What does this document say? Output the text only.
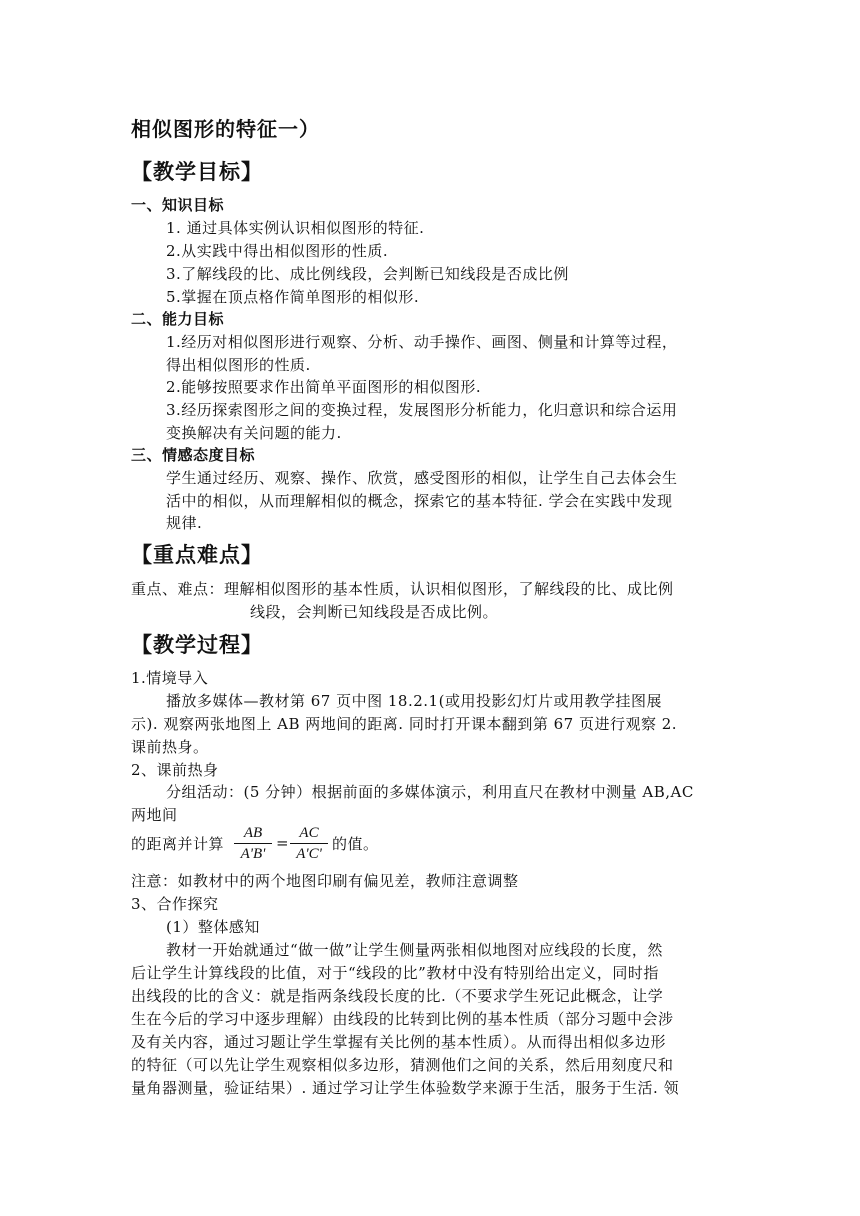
相似图形的特征一）
【教学目标】
一、知识目标
1. 通过具体实例认识相似图形的特征.
2.从实践中得出相似图形的性质.
3.了解线段的比、成比例线段，会判断已知线段是否成比例
5.掌握在顶点格作简单图形的相似形.
二、能力目标
1.经历对相似图形进行观察、分析、动手操作、画图、侧量和计算等过程，
得出相似图形的性质.
2.能够按照要求作出简单平面图形的相似图形.
3.经历探索图形之间的变换过程，发展图形分析能力，化归意识和综合运用
变换解决有关问题的能力.
三、情感态度目标
学生通过经历、观察、操作、欣赏，感受图形的相似，让学生自己去体会生
活中的相似，从而理解相似的概念，探索它的基本特征. 学会在实践中发现
规律.
【重点难点】
重点、难点：理解相似图形的基本性质，认识相似图形，了解线段的比、成比例
线段，会判断已知线段是否成比例。
【教学过程】
1.情境导入
播放多媒体—教材第 67 页中图 18.2.1(或用投影幻灯片或用教学挂图展
示). 观察两张地图上 AB 两地间的距离. 同时打开课本翻到第 67 页进行观察 2.
课前热身。
2、课前热身
分组活动：(5 分钟）根据前面的多媒体演示，利用直尺在教材中测量 AB,AC
两地间
的距离并计算
AB
A'B'
=
AC
A'C'
的值。
注意：如教材中的两个地图印刷有偏见差，教师注意调整
3、合作探究
(1）整体感知
教材一开始就通过“做一做”让学生侧量两张相似地图对应线段的长度，然
后让学生计算线段的比值，对于“线段的比”教材中没有特别给出定义，同时指
出线段的比的含义：就是指两条线段长度的比.（不要求学生死记此概念，让学
生在今后的学习中逐步理解）由线段的比转到比例的基本性质（部分习题中会涉
及有关内容，通过习题让学生掌握有关比例的基本性质）。从而得出相似多边形
的特征（可以先让学生观察相似多边形，猜测他们之间的关系，然后用刻度尺和
量角器测量，验证结果）. 通过学习让学生体验数学来源于生活，服务于生活. 领
